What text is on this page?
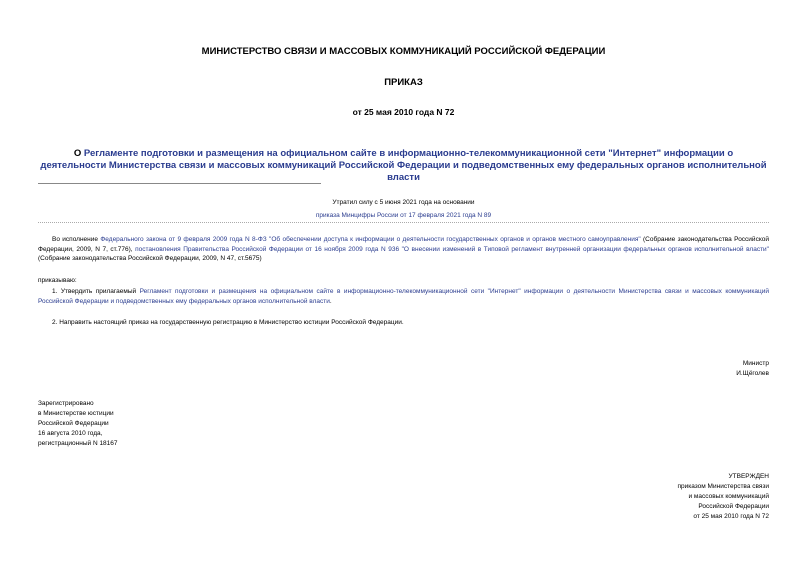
МИНИСТЕРСТВО СВЯЗИ И МАССОВЫХ КОММУНИКАЦИЙ РОССИЙСКОЙ ФЕДЕРАЦИИ
ПРИКАЗ
от 25 мая 2010 года N 72
О Регламенте подготовки и размещения на официальном сайте в информационно-телекоммуникационной сети "Интернет" информации о деятельности Министерства связи и массовых коммуникаций Российской Федерации и подведомственных ему федеральных органов исполнительной власти
Утратил силу с 5 июня 2021 года на основании
приказа Минцифры России от 17 февраля 2021 года N 89
Во исполнение Федерального закона от 9 февраля 2009 года N 8-ФЗ "Об обеспечении доступа к информации о деятельности государственных органов и органов местного самоуправления" (Собрание законодательства Российской Федерации, 2009, N 7, ст.776), постановления Правительства Российской Федерации от 16 ноября 2009 года N 936 "О внесении изменений в Типовой регламент внутренней организации федеральных органов исполнительной власти" (Собрание законодательства Российской Федерации, 2009, N 47, ст.5675)
приказываю:
1. Утвердить прилагаемый Регламент подготовки и размещения на официальном сайте в информационно-телекоммуникационной сети "Интернет" информации о деятельности Министерства связи и массовых коммуникаций Российской Федерации и подведомственных ему федеральных органов исполнительной власти.
2. Направить настоящий приказ на государственную регистрацию в Министерство юстиции Российской Федерации.
Министр
И.Щёголев
Зарегистрировано
в Министерстве юстиции
Российской Федерации
16 августа 2010 года,
регистрационный N 18167
УТВЕРЖДЕН
приказом Министерства связи
и массовых коммуникаций
Российской Федерации
от 25 мая 2010 года N 72
